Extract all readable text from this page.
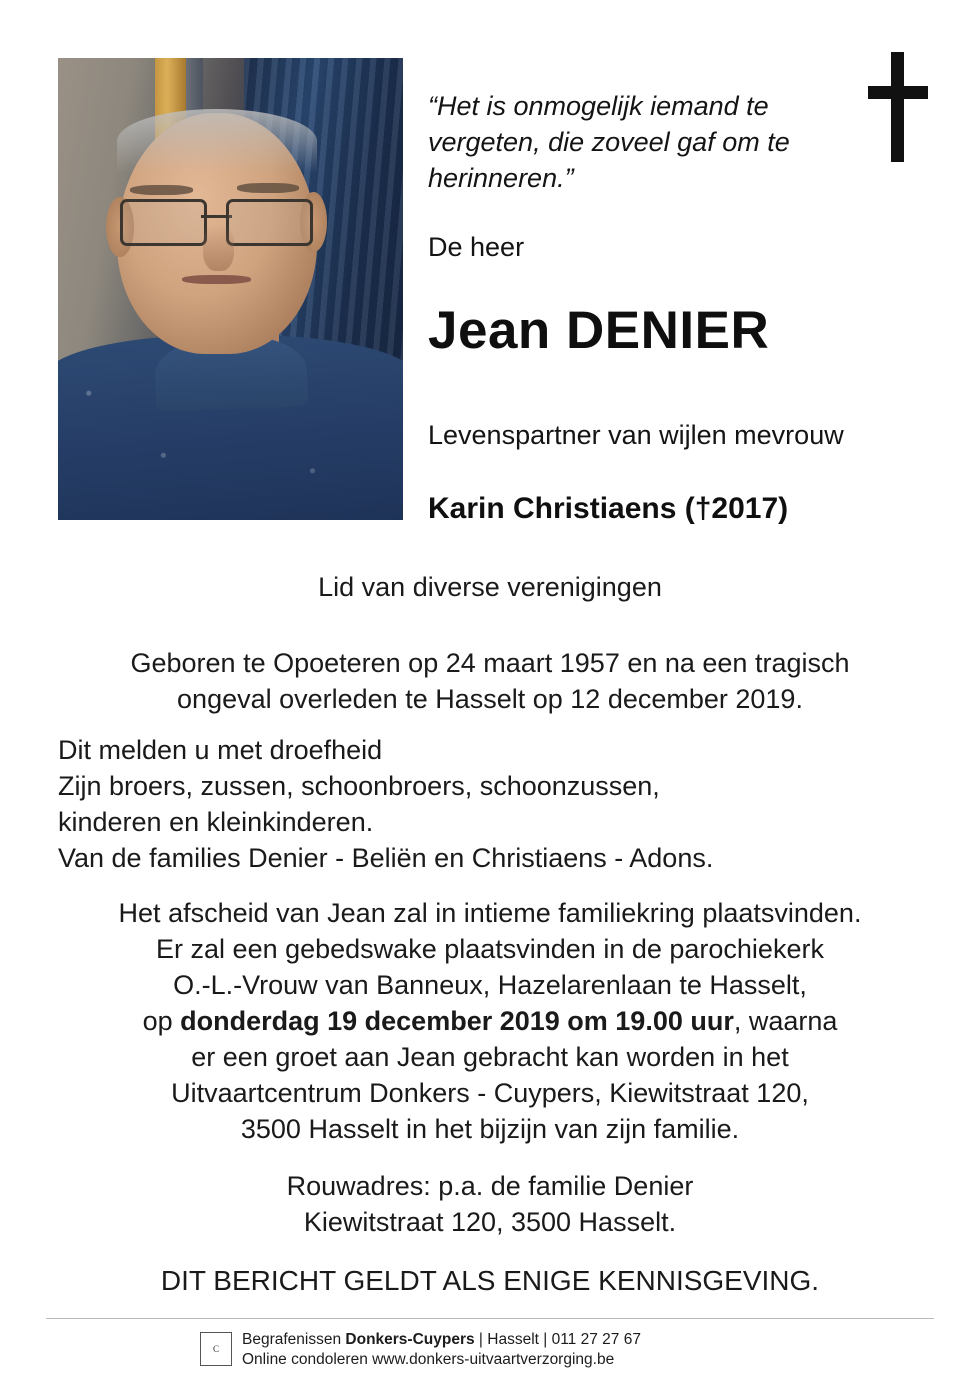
“Het is onmogelijk iemand te vergeten, die zoveel gaf om te herinneren.”
De heer
Jean DENIER
Levenspartner van wijlen mevrouw
Karin Christiaens (†2017)
Lid van diverse verenigingen
Geboren te Opoeteren op 24 maart 1957 en na een tragisch
ongeval overleden te Hasselt op 12 december 2019.
Dit melden u met droefheid
Zijn broers, zussen, schoonbroers, schoonzussen,
kinderen en kleinkinderen.
Van de families Denier - Beliën en Christiaens - Adons.
Het afscheid van Jean zal in intieme familiekring plaatsvinden.
Er zal een gebedswake plaatsvinden in de parochiekerk
O.-L.-Vrouw van Banneux, Hazelarenlaan te Hasselt,
op donderdag 19 december 2019 om 19.00 uur, waarna
er een groet aan Jean gebracht kan worden in het
Uitvaartcentrum Donkers - Cuypers, Kiewitstraat 120,
3500 Hasselt in het bijzijn van zijn familie.
Rouwadres: p.a. de familie Denier
Kiewitstraat 120, 3500 Hasselt.
DIT BERICHT GELDT ALS ENIGE KENNISGEVING.
C
Begrafenissen Donkers-Cuypers | Hasselt | 011 27 27 67
Online condoleren www.donkers-uitvaartverzorging.be
